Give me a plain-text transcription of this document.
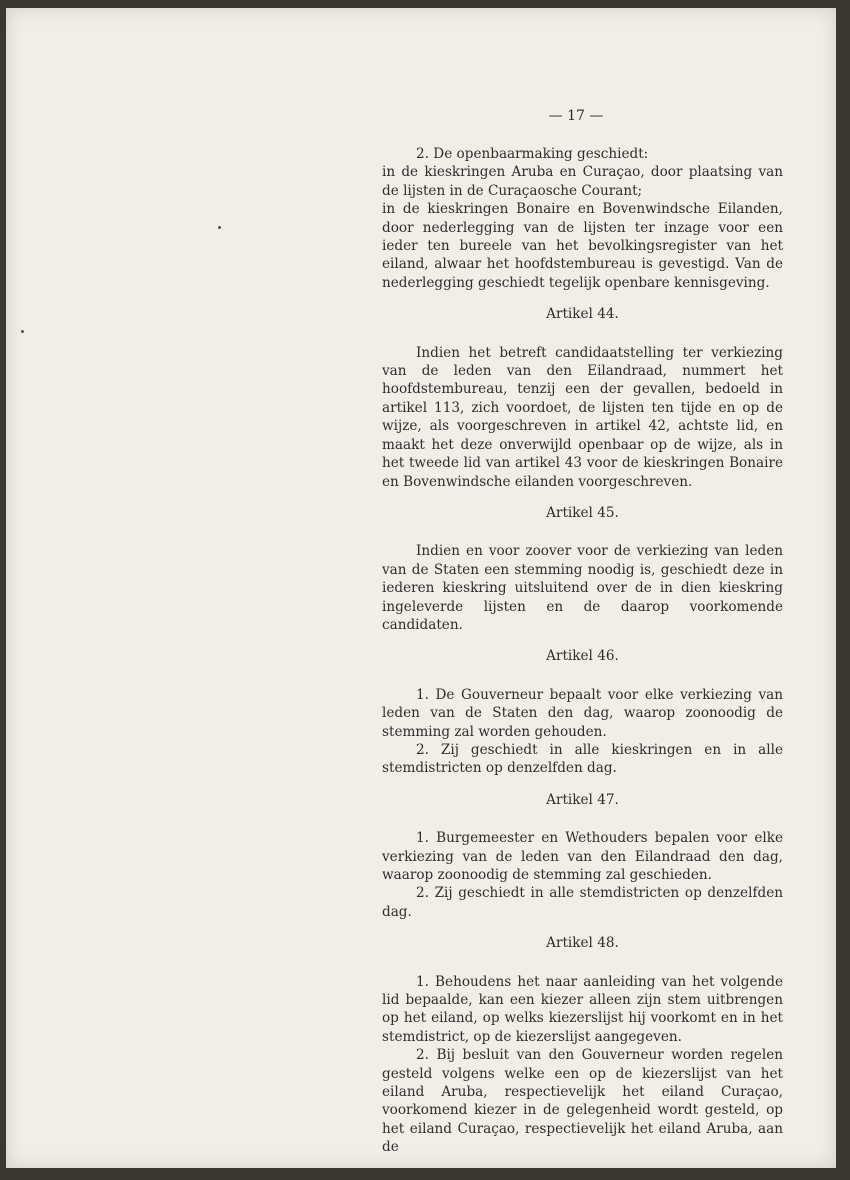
— 17 —

2. De openbaarmaking geschiedt:

in de kieskringen Aruba en Curaçao, door plaatsing van de lijsten in de Curaçaosche Courant;

in de kieskringen Bonaire en Bovenwindsche Eilanden, door nederlegging van de lijsten ter inzage voor een ieder ten bureele van het bevolkingsregister van het eiland, alwaar het hoofdstembureau is gevestigd. Van de nederlegging geschiedt tegelijk openbare kennisgeving.

Artikel 44.

Indien het betreft candidaatstelling ter verkiezing van de leden van den Eilandraad, nummert het hoofdstembureau, tenzij een der gevallen, bedoeld in artikel 113, zich voordoet, de lijsten ten tijde en op de wijze, als voorgeschreven in artikel 42, achtste lid, en maakt het deze onverwijld openbaar op de wijze, als in het tweede lid van artikel 43 voor de kieskringen Bonaire en Bovenwindsche eilanden voorgeschreven.

Artikel 45.

Indien en voor zoover voor de verkiezing van leden van de Staten een stemming noodig is, geschiedt deze in iederen kieskring uitsluitend over de in dien kieskring ingeleverde lijsten en de daarop voorkomende candidaten.

Artikel 46.

1. De Gouverneur bepaalt voor elke verkiezing van leden van de Staten den dag, waarop zoonoodig de stemming zal worden gehouden.

2. Zij geschiedt in alle kieskringen en in alle stemdistricten op denzelfden dag.

Artikel 47.

1. Burgemeester en Wethouders bepalen voor elke verkiezing van de leden van den Eilandraad den dag, waarop zoonoodig de stemming zal geschieden.

2. Zij geschiedt in alle stemdistricten op denzelfden dag.

Artikel 48.

1. Behoudens het naar aanleiding van het volgende lid bepaalde, kan een kiezer alleen zijn stem uitbrengen op het eiland, op welks kiezerslijst hij voorkomt en in het stemdistrict, op de kiezerslijst aangegeven.

2. Bij besluit van den Gouverneur worden regelen gesteld volgens welke een op de kiezerslijst van het eiland Aruba, respectievelijk het eiland Curaçao, voorkomend kiezer in de gelegenheid wordt gesteld, op het eiland Curaçao, respectievelijk het eiland Aruba, aan de
